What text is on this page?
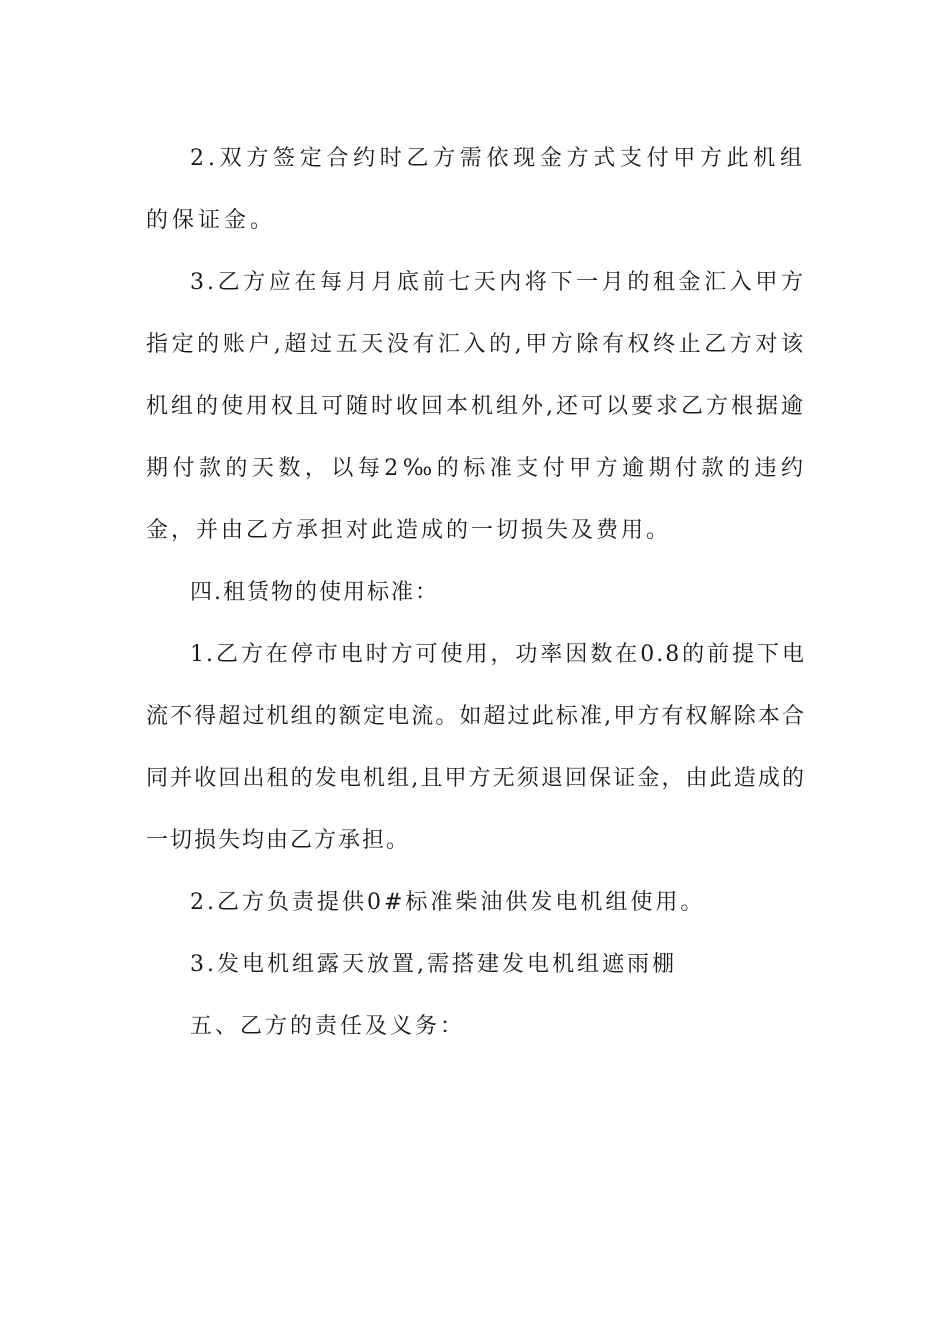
2.双方签定合约时乙方需依现金方式支付甲方此机组的保证金。

3.乙方应在每月月底前七天内将下一月的租金汇入甲方指定的账户,超过五天没有汇入的,甲方除有权终止乙方对该机组的使用权且可随时收回本机组外,还可以要求乙方根据逾期付款的天数，以每2‰的标准支付甲方逾期付款的违约金，并由乙方承担对此造成的一切损失及费用。

四.租赁物的使用标准：

1.乙方在停市电时方可使用，功率因数在0.8的前提下电流不得超过机组的额定电流。如超过此标准,甲方有权解除本合同并收回出租的发电机组,且甲方无须退回保证金，由此造成的一切损失均由乙方承担。

2.乙方负责提供0#标准柴油供发电机组使用。

3.发电机组露天放置,需搭建发电机组遮雨棚

五、乙方的责任及义务：
